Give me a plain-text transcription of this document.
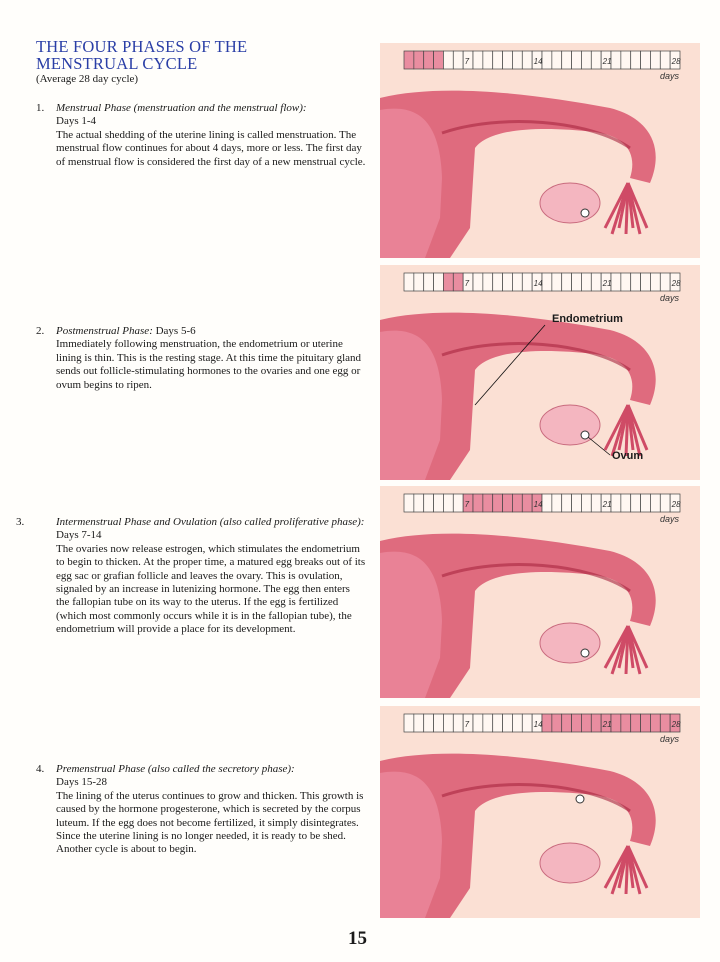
THE FOUR PHASES OF THE
MENSTRUAL CYCLE
(Average 28 day cycle)
1. Menstrual Phase (menstruation and the menstrual flow):
Days 1-4
The actual shedding of the uterine lining is called menstruation. The menstrual flow continues for about 4 days, more or less. The first day of menstrual flow is considered the first day of a new menstrual cycle.
2. Postmenstrual Phase: Days 5-6
Immediately following menstruation, the endometrium or uterine lining is thin. This is the resting stage. At this time the pituitary gland sends out follicle-stimulating hormones to the ovaries and one egg or ovum begins to ripen.
3.	Intermenstrual Phase and Ovulation (also called proliferative phase): Days 7-14
The ovaries now release estrogen, which stimulates the endometrium to begin to thicken. At the proper time, a matured egg breaks out of its egg sac or grafian follicle and leaves the ovary. This is ovulation, signaled by an increase in lutenizing hormone. The egg then enters the fallopian tube on its way to the uterus. If the egg is fertilized (which most commonly occurs while it is in the fallopian tube), the endometrium will provide a place for its development.
4. Premenstrual Phase (also called the secretory phase):
Days 15-28
The lining of the uterus continues to grow and thicken. This growth is caused by the hormone progesterone, which is secreted by the corpus luteum. If the egg does not become fertilized, it simply disintegrates. Since the uterine lining is no longer needed, it is ready to be shed. Another cycle is about to begin.
7	14	21	28
days
7	14	21	28
days
Endometrium
Ovum
7	14	21	28
days
7	14	21	28
days
15
